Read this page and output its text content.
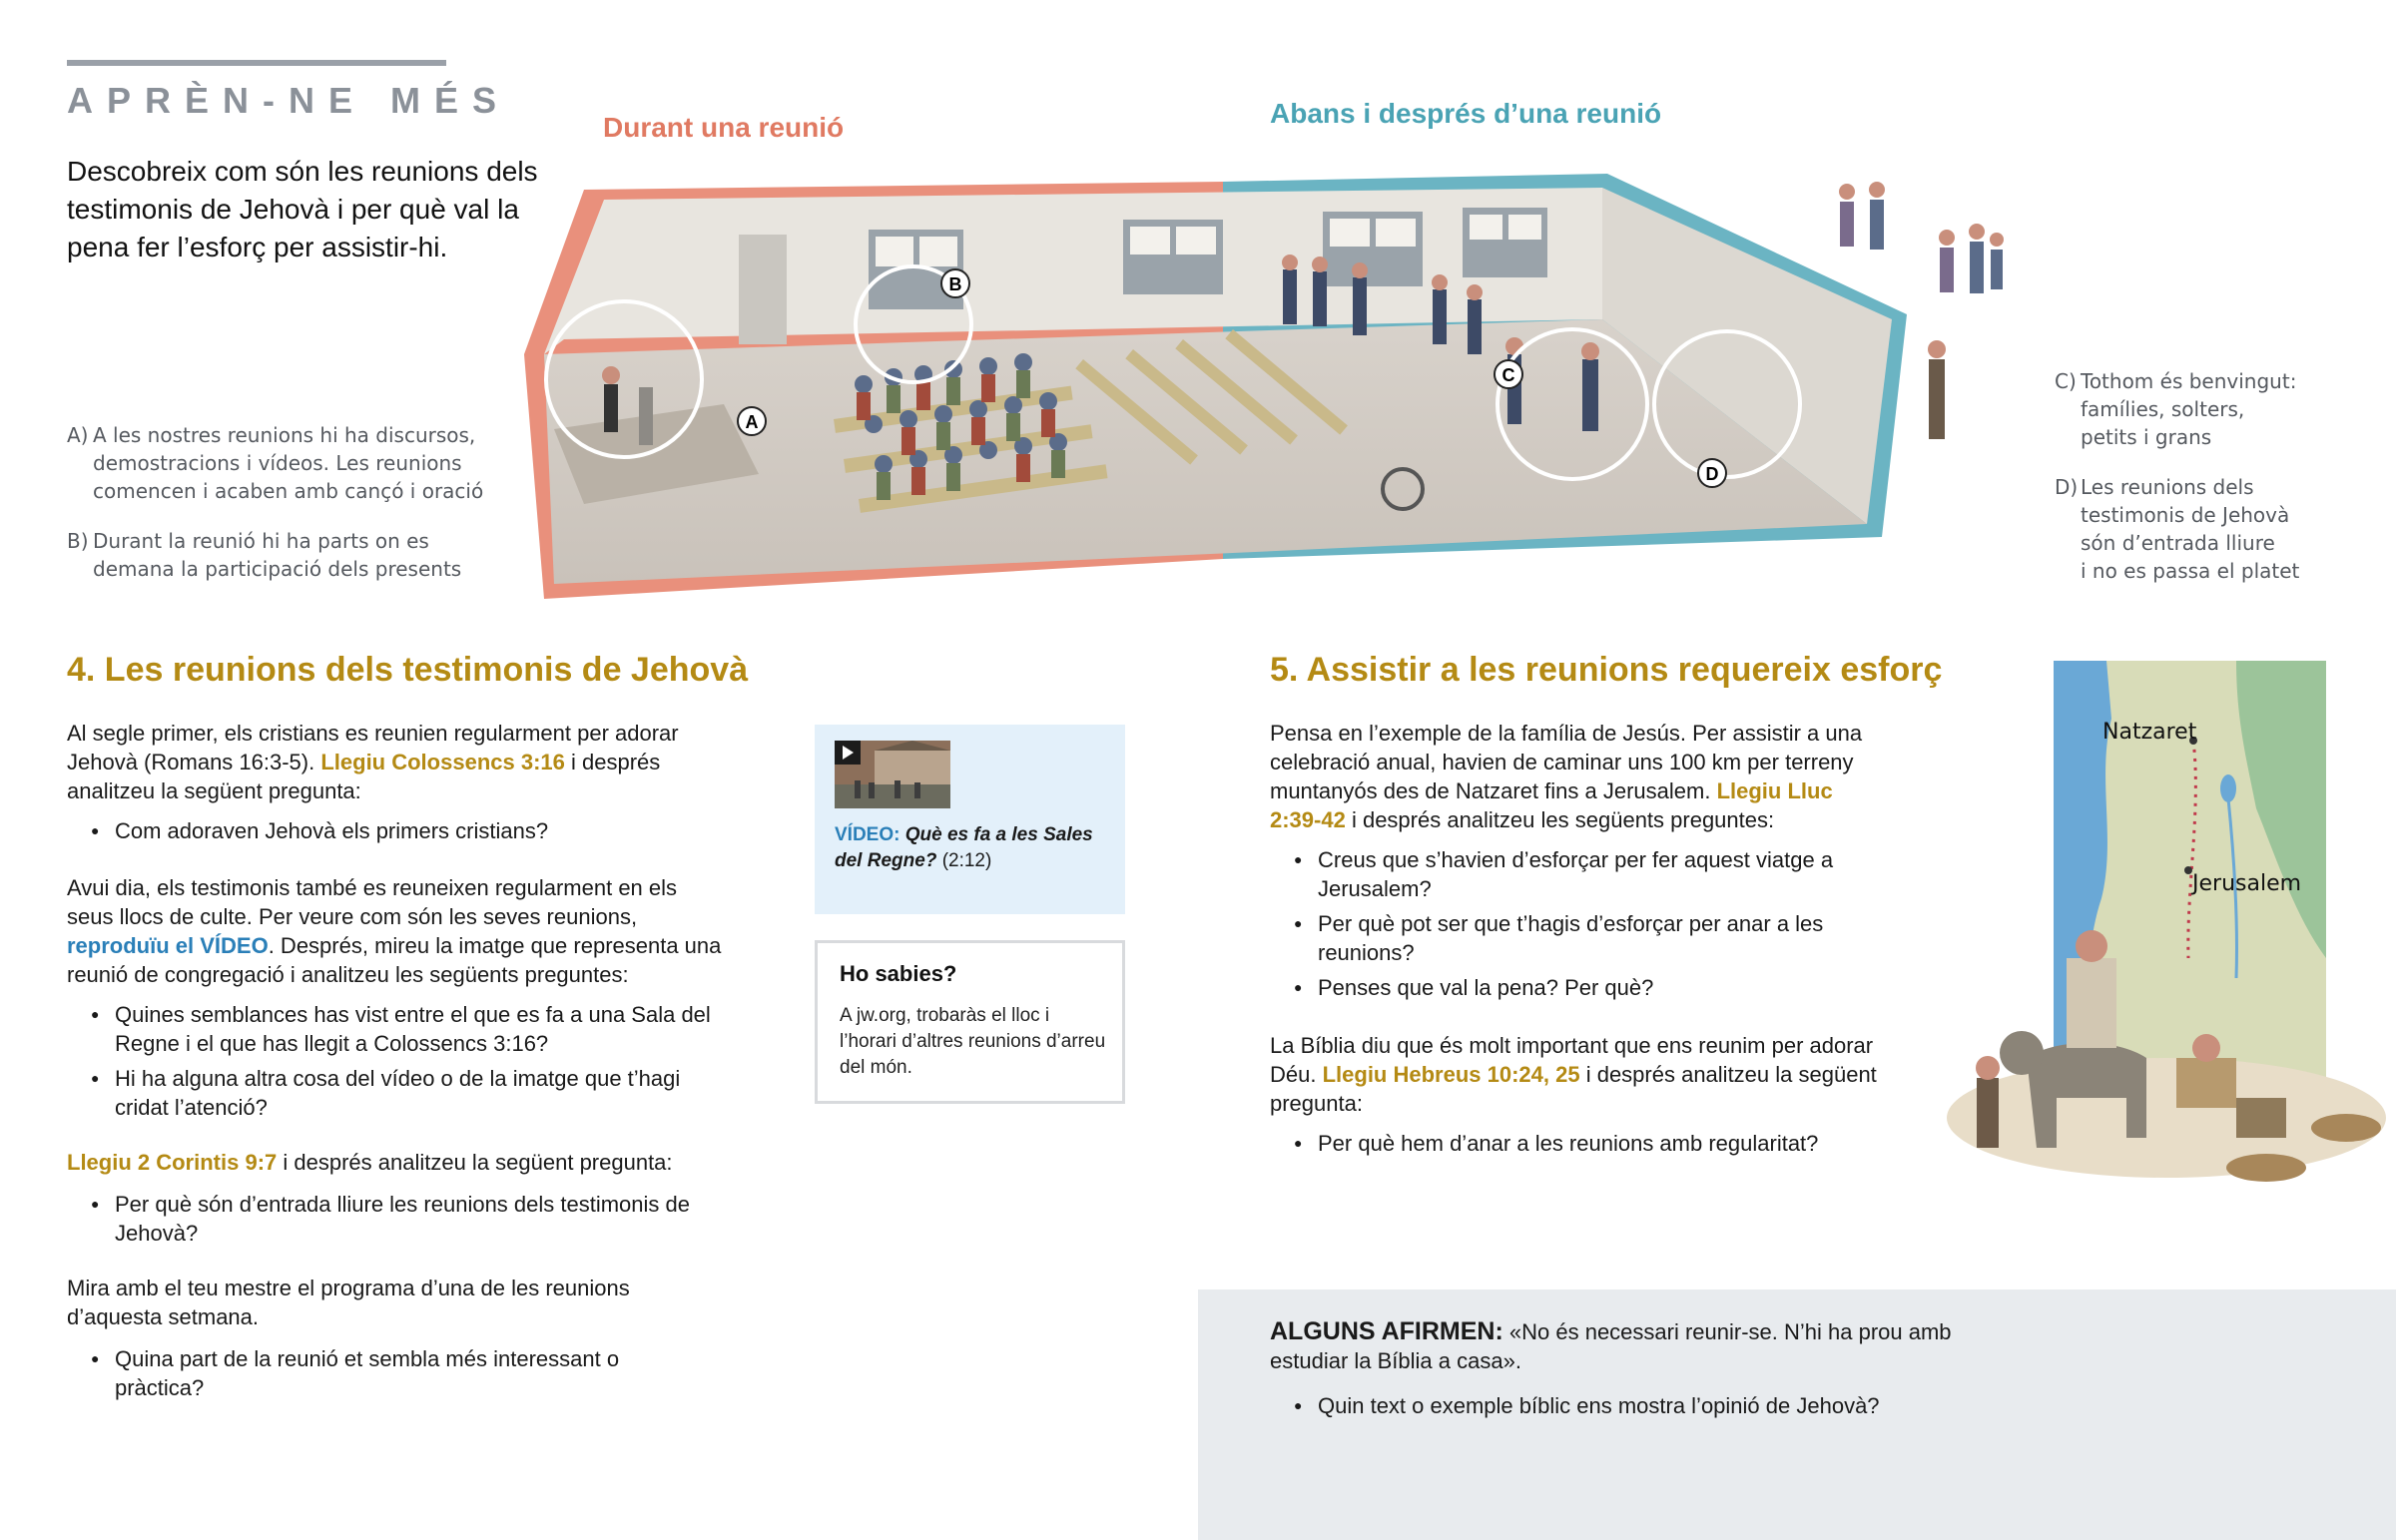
APRÈN-NE MÉS
Descobreix com són les reunions dels testimonis de Jehovà i per què val la pena fer l’esforç per assistir-hi.
Durant una reunió	Abans i després d’una reunió
A) A les nostres reunions hi ha discursos,
demostracions i vídeos. Les reunions
comencen i acaben amb cançó i oració
B) Durant la reunió hi ha parts on es
demana la participació dels presents
C) Tothom és benvingut:
famílies, solters,
petits i grans
D) Les reunions dels
testimonis de Jehovà
són d’entrada lliure
i no es passa el platet
A
B
C
D
4. Les reunions dels testimonis de Jehovà
Al segle primer, els cristians es reunien regularment per adorar Jehovà (Romans 16:3-5). Llegiu Colossencs 3:16 i després analitzeu la següent pregunta:
● Com adoraven Jehovà els primers cristians?
Avui dia, els testimonis també es reuneixen regularment en els seus llocs de culte. Per veure com són les seves reunions, reproduïu el VÍDEO. Després, mireu la imatge que representa una reunió de congregació i analitzeu les següents preguntes:
● Quines semblances has vist entre el que es fa a una Sala del Regne i el que has llegit a Colossencs 3:16?
● Hi ha alguna altra cosa del vídeo o de la imatge que t’hagi cridat l’atenció?
Llegiu 2 Corintis 9:7 i després analitzeu la següent pregunta:
● Per què són d’entrada lliure les reunions dels testimonis de Jehovà?
Mira amb el teu mestre el programa d’una de les reunions d’aquesta setmana.
● Quina part de la reunió et sembla més interessant o pràctica?
VÍDEO: Què es fa a les Sales del Regne? (2:12)
Ho sabies?
A jw.org, trobaràs el lloc i l’horari d’altres reunions d’arreu del món.
5. Assistir a les reunions requereix esforç
Pensa en l’exemple de la família de Jesús. Per assistir a una celebració anual, havien de caminar uns 100 km per terreny muntanyós des de Natzaret fins a Jerusalem. Llegiu Lluc 2:39-42 i després analitzeu les següents preguntes:
● Creus que s’havien d’esforçar per fer aquest viatge a Jerusalem?
● Per què pot ser que t’hagis d’esforçar per anar a les reunions?
● Penses que val la pena? Per què?
La Bíblia diu que és molt important que ens reunim per adorar Déu. Llegiu Hebreus 10:24, 25 i després analitzeu la següent pregunta:
● Per què hem d’anar a les reunions amb regularitat?
Natzaret
Jerusalem
ALGUNS AFIRMEN: «No és necessari reunir-se. N’hi ha prou amb estudiar la Bíblia a casa».
● Quin text o exemple bíblic ens mostra l’opinió de Jehovà?
